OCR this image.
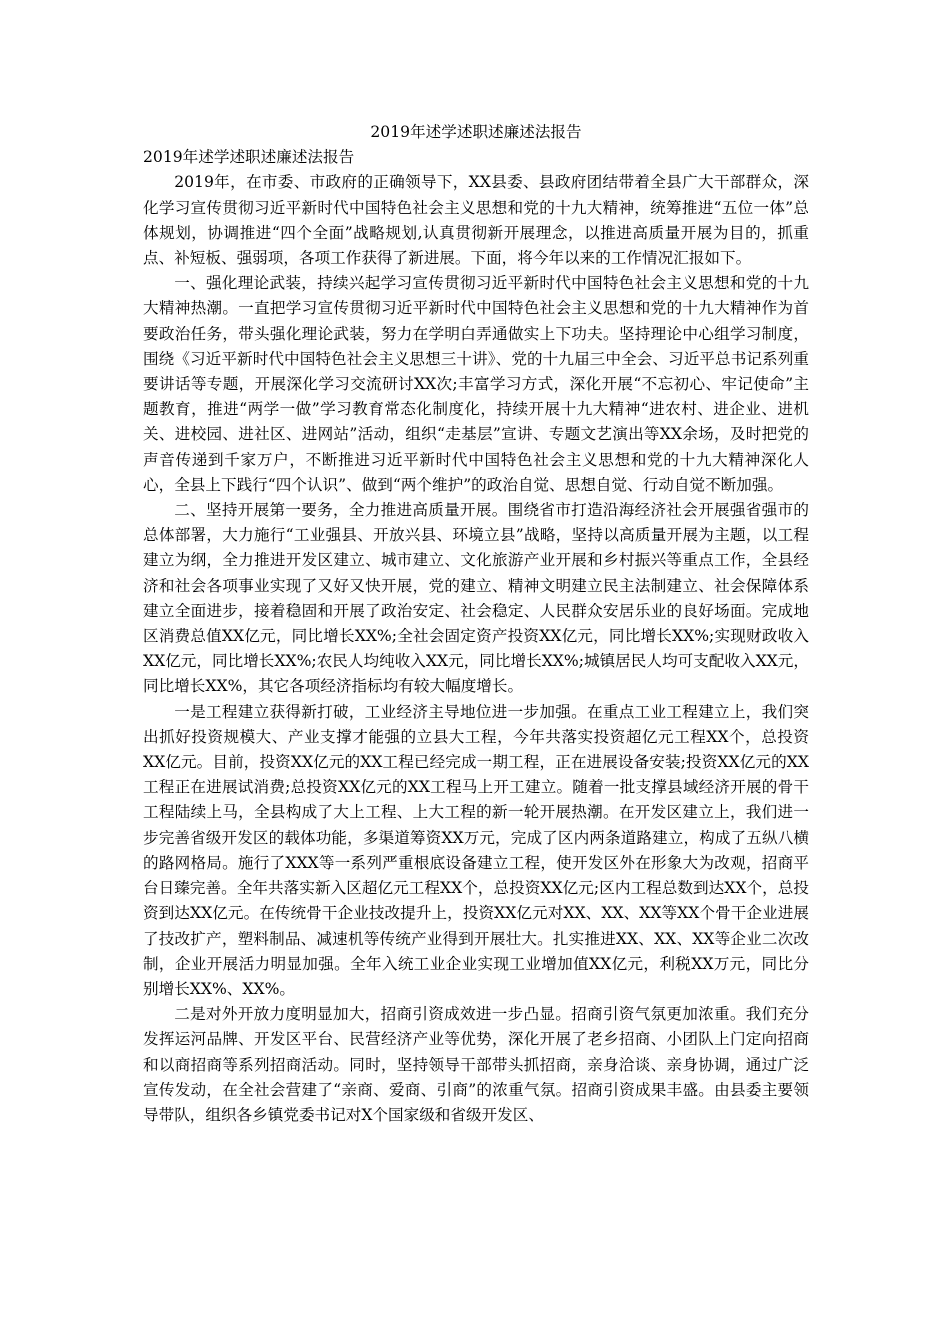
2019年述学述职述廉述法报告
2019年述学述职述廉述法报告

2019年，在市委、市政府的正确领导下，XX县委、县政府团结带着全县广大干部群众，深化学习宣传贯彻习近平新时代中国特色社会主义思想和党的十九大精神，统筹推进“五位一体”总体规划，协调推进“四个全面”战略规划,认真贯彻新开展理念，以推进高质量开展为目的，抓重点、补短板、强弱项，各项工作获得了新进展。下面，将今年以来的工作情况汇报如下。

一、强化理论武装，持续兴起学习宣传贯彻习近平新时代中国特色社会主义思想和党的十九大精神热潮。一直把学习宣传贯彻习近平新时代中国特色社会主义思想和党的十九大精神作为首要政治任务，带头强化理论武装，努力在学明白弄通做实上下功夫。坚持理论中心组学习制度，围绕《习近平新时代中国特色社会主义思想三十讲》、党的十九届三中全会、习近平总书记系列重要讲话等专题，开展深化学习交流研讨XX次;丰富学习方式，深化开展“不忘初心、牢记使命”主题教育，推进“两学一做”学习教育常态化制度化，持续开展十九大精神“进农村、进企业、进机关、进校园、进社区、进网站”活动，组织“走基层”宣讲、专题文艺演出等XX余场，及时把党的声音传递到千家万户，不断推进习近平新时代中国特色社会主义思想和党的十九大精神深化人心，全县上下践行“四个认识”、做到“两个维护”的政治自觉、思想自觉、行动自觉不断加强。

二、坚持开展第一要务，全力推进高质量开展。围绕省市打造沿海经济社会开展强省强市的总体部署，大力施行“工业强县、开放兴县、环境立县”战略，坚持以高质量开展为主题，以工程建立为纲，全力推进开发区建立、城市建立、文化旅游产业开展和乡村振兴等重点工作，全县经济和社会各项事业实现了又好又快开展，党的建立、精神文明建立民主法制建立、社会保障体系建立全面进步，接着稳固和开展了政治安定、社会稳定、人民群众安居乐业的良好场面。完成地区消费总值XX亿元，同比增长XX%;全社会固定资产投资XX亿元，同比增长XX%;实现财政收入XX亿元，同比增长XX%;农民人均纯收入XX元，同比增长XX%;城镇居民人均可支配收入XX元，同比增长XX%，其它各项经济指标均有较大幅度增长。

一是工程建立获得新打破，工业经济主导地位进一步加强。在重点工业工程建立上，我们突出抓好投资规模大、产业支撑才能强的立县大工程，今年共落实投资超亿元工程XX个，总投资XX亿元。目前，投资XX亿元的XX工程已经完成一期工程，正在进展设备安装;投资XX亿元的XX工程正在进展试消费;总投资XX亿元的XX工程马上开工建立。随着一批支撑县域经济开展的骨干工程陆续上马，全县构成了大上工程、上大工程的新一轮开展热潮。在开发区建立上，我们进一步完善省级开发区的载体功能，多渠道筹资XX万元，完成了区内两条道路建立，构成了五纵八横的路网格局。施行了XXX等一系列严重根底设备建立工程，使开发区外在形象大为改观，招商平台日臻完善。全年共落实新入区超亿元工程XX个，总投资XX亿元;区内工程总数到达XX个，总投资到达XX亿元。在传统骨干企业技改提升上，投资XX亿元对XX、XX、XX等XX个骨干企业进展了技改扩产，塑料制品、减速机等传统产业得到开展壮大。扎实推进XX、XX、XX等企业二次改制，企业开展活力明显加强。全年入统工业企业实现工业增加值XX亿元，利税XX万元，同比分别增长XX%、XX%。

二是对外开放力度明显加大，招商引资成效进一步凸显。招商引资气氛更加浓重。我们充分发挥运河品牌、开发区平台、民营经济产业等优势，深化开展了老乡招商、小团队上门定向招商和以商招商等系列招商活动。同时，坚持领导干部带头抓招商，亲身洽谈、亲身协调，通过广泛宣传发动，在全社会营建了“亲商、爱商、引商”的浓重气氛。招商引资成果丰盛。由县委主要领导带队，组织各乡镇党委书记对X个国家级和省级开发区、
